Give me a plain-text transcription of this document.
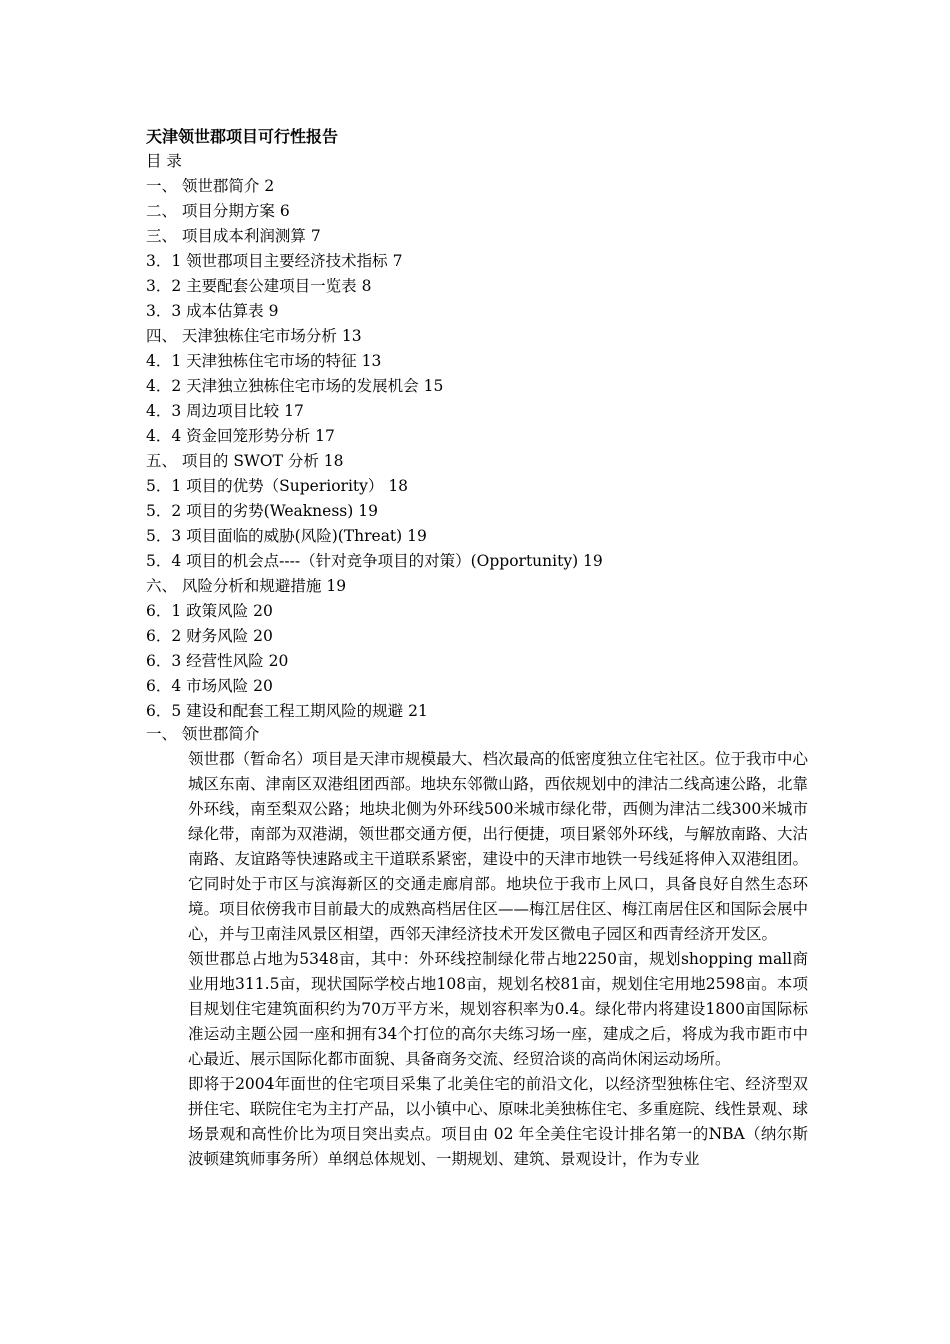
天津领世郡项目可行性报告
目 录
一、 领世郡简介 2
二、 项目分期方案 6
三、 项目成本利润测算 7
3．1 领世郡项目主要经济技术指标 7
3．2 主要配套公建项目一览表 8
3．3 成本估算表 9
四、 天津独栋住宅市场分析 13
4．1 天津独栋住宅市场的特征 13
4．2 天津独立独栋住宅市场的发展机会 15
4．3 周边项目比较 17
4．4 资金回笼形势分析 17
五、 项目的 SWOT 分析 18
5．1 项目的优势（Superiority） 18
5．2 项目的劣势(Weakness) 19
5．3 项目面临的威胁(风险)(Threat) 19
5．4 项目的机会点----（针对竞争项目的对策）(Opportunity) 19
六、 风险分析和规避措施 19
6．1 政策风险 20
6．2 财务风险 20
6．3 经营性风险 20
6．4 市场风险 20
6．5 建设和配套工程工期风险的规避 21
一、 领世郡简介

领世郡（暂命名）项目是天津市规模最大、档次最高的低密度独立住宅社区。位于我市中心城区东南、津南区双港组团西部。地块东邻微山路，西依规划中的津沽二线高速公路，北靠外环线，南至梨双公路；地块北侧为外环线500米城市绿化带，西侧为津沽二线300米城市绿化带，南部为双港湖，领世郡交通方便，出行便捷，项目紧邻外环线，与解放南路、大沽南路、友谊路等快速路或主干道联系紧密，建设中的天津市地铁一号线延将伸入双港组团。它同时处于市区与滨海新区的交通走廊肩部。地块位于我市上风口，具备良好自然生态环境。项目依傍我市目前最大的成熟高档居住区——梅江居住区、梅江南居住区和国际会展中心，并与卫南洼风景区相望，西邻天津经济技术开发区微电子园区和西青经济开发区。

领世郡总占地为5348亩，其中：外环线控制绿化带占地2250亩，规划shopping mall商业用地311.5亩，现状国际学校占地108亩，规划名校81亩，规划住宅用地2598亩。本项目规划住宅建筑面积约为70万平方米，规划容积率为0.4。绿化带内将建设1800亩国际标准运动主题公园一座和拥有34个打位的高尔夫练习场一座，建成之后，将成为我市距市中心最近、展示国际化都市面貌、具备商务交流、经贸洽谈的高尚休闲运动场所。

即将于2004年面世的住宅项目采集了北美住宅的前沿文化，以经济型独栋住宅、经济型双拼住宅、联院住宅为主打产品，以小镇中心、原味北美独栋住宅、多重庭院、线性景观、球场景观和高性价比为项目突出卖点。项目由 02 年全美住宅设计排名第一的NBA（纳尔斯波顿建筑师事务所）单纲总体规划、一期规划、建筑、景观设计，作为专业
